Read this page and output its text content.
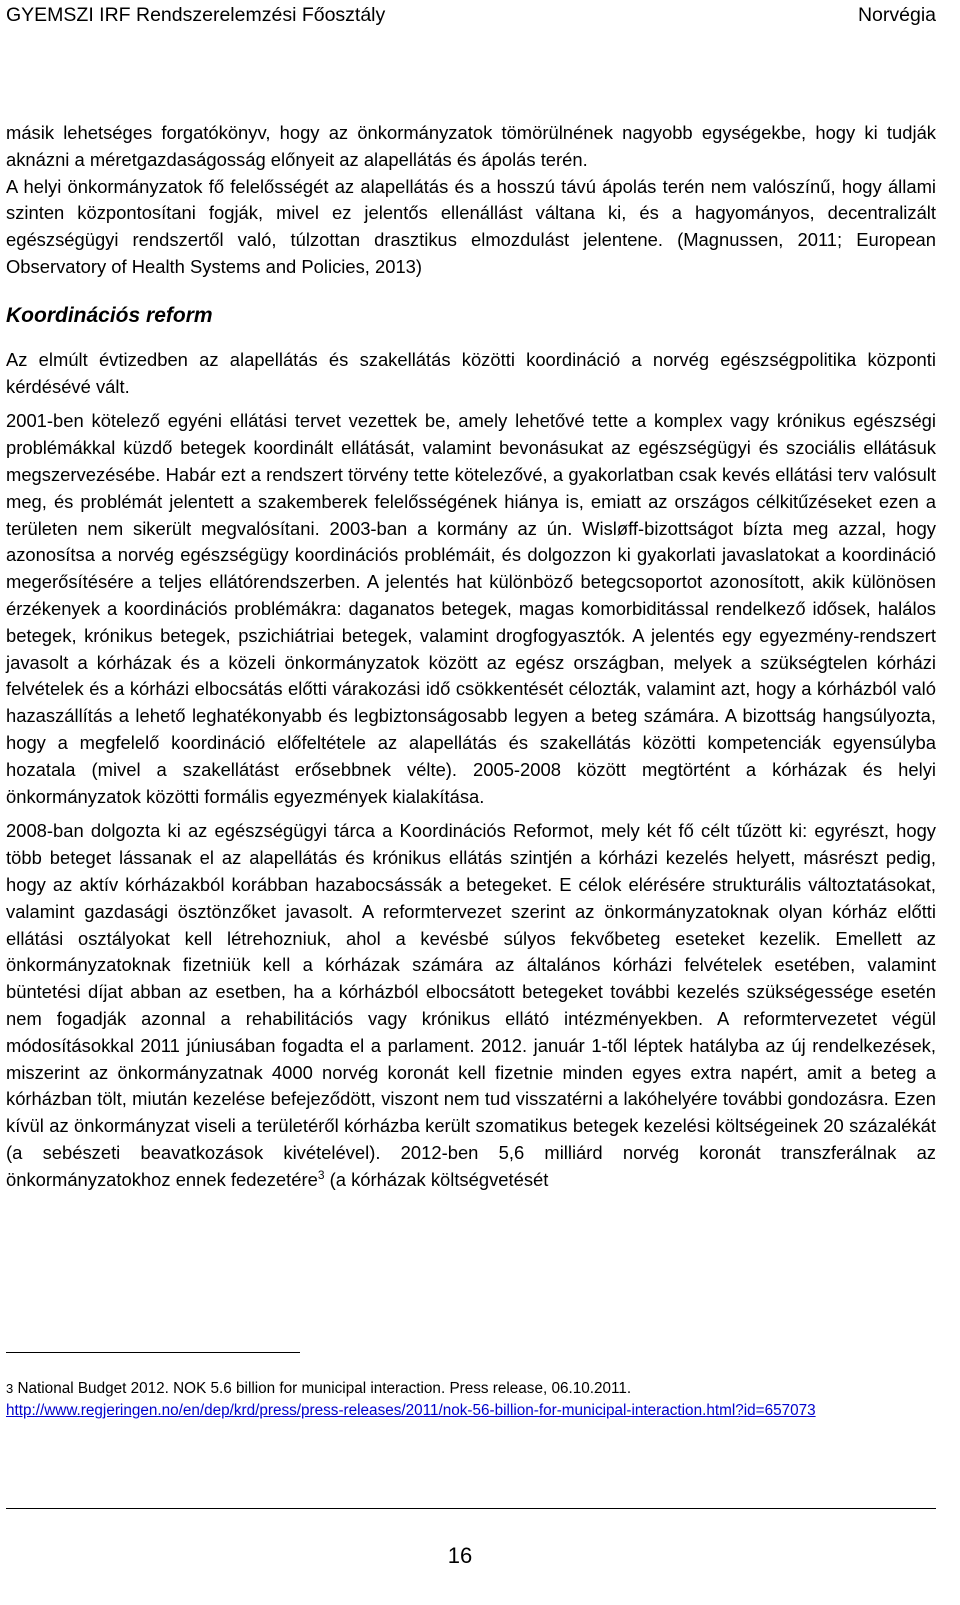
GYEMSZI IRF Rendszerelemzési Főosztály	Norvégia

másik lehetséges forgatókönyv, hogy az önkormányzatok tömörülnének nagyobb egységekbe, hogy ki tudják aknázni a méretgazdaságosság előnyeit az alapellátás és ápolás terén.

A helyi önkormányzatok fő felelősségét az alapellátás és a hosszú távú ápolás terén nem valószínű, hogy állami szinten központosítani fogják, mivel ez jelentős ellenállást váltana ki, és a hagyományos, decentralizált egészségügyi rendszertől való, túlzottan drasztikus elmozdulást jelentene. (Magnussen, 2011; European Observatory of Health Systems and Policies, 2013)

Koordinációs reform

Az elmúlt évtizedben az alapellátás és szakellátás közötti koordináció a norvég egészségpolitika központi kérdésévé vált.

2001-ben kötelező egyéni ellátási tervet vezettek be, amely lehetővé tette a komplex vagy krónikus egészségi problémákkal küzdő betegek koordinált ellátását, valamint bevonásukat az egészségügyi és szociális ellátásuk megszervezésébe. Habár ezt a rendszert törvény tette kötelezővé, a gyakorlatban csak kevés ellátási terv valósult meg, és problémát jelentett a szakemberek felelősségének hiánya is, emiatt az országos célkitűzéseket ezen a területen nem sikerült megvalósítani. 2003-ban a kormány az ún. Wisløff-bizottságot bízta meg azzal, hogy azonosítsa a norvég egészségügy koordinációs problémáit, és dolgozzon ki gyakorlati javaslatokat a koordináció megerősítésére a teljes ellátórendszerben. A jelentés hat különböző betegcsoportot azonosított, akik különösen érzékenyek a koordinációs problémákra: daganatos betegek, magas komorbiditással rendelkező idősek, halálos betegek, krónikus betegek, pszichiátriai betegek, valamint drogfogyasztók. A jelentés egy egyezmény-rendszert javasolt a kórházak és a közeli önkormányzatok között az egész országban, melyek a szükségtelen kórházi felvételek és a kórházi elbocsátás előtti várakozási idő csökkentését célozták, valamint azt, hogy a kórházból való hazaszállítás a lehető leghatékonyabb és legbiztonságosabb legyen a beteg számára. A bizottság hangsúlyozta, hogy a megfelelő koordináció előfeltétele az alapellátás és szakellátás közötti kompetenciák egyensúlyba hozatala (mivel a szakellátást erősebbnek vélte). 2005-2008 között megtörtént a kórházak és helyi önkormányzatok közötti formális egyezmények kialakítása.

2008-ban dolgozta ki az egészségügyi tárca a Koordinációs Reformot, mely két fő célt tűzött ki: egyrészt, hogy több beteget lássanak el az alapellátás és krónikus ellátás szintjén a kórházi kezelés helyett, másrészt pedig, hogy az aktív kórházakból korábban hazabocsássák a betegeket. E célok elérésére strukturális változtatásokat, valamint gazdasági ösztönzőket javasolt. A reformtervezet szerint az önkormányzatoknak olyan kórház előtti ellátási osztályokat kell létrehozniuk, ahol a kevésbé súlyos fekvőbeteg eseteket kezelik. Emellett az önkormányzatoknak fizetniük kell a kórházak számára az általános kórházi felvételek esetében, valamint büntetési díjat abban az esetben, ha a kórházból elbocsátott betegeket további kezelés szükségessége esetén nem fogadják azonnal a rehabilitációs vagy krónikus ellátó intézményekben. A reformtervezetet végül módosításokkal 2011 júniusában fogadta el a parlament. 2012. január 1-től léptek hatályba az új rendelkezések, miszerint az önkormányzatnak 4000 norvég koronát kell fizetnie minden egyes extra napért, amit a beteg a kórházban tölt, miután kezelése befejeződött, viszont nem tud visszatérni a lakóhelyére további gondozásra. Ezen kívül az önkormányzat viseli a területéről kórházba került szomatikus betegek kezelési költségeinek 20 százalékát (a sebészeti beavatkozások kivételével). 2012-ben 5,6 milliárd norvég koronát transzferálnak az önkormányzatokhoz ennek fedezetére$^3$ (a kórházak költségvetését

3 National Budget 2012. NOK 5.6 billion for municipal interaction. Press release, 06.10.2011.
http://www.regjeringen.no/en/dep/krd/press/press-releases/2011/nok-56-billion-for-municipal-interaction.html?id=657073
16
